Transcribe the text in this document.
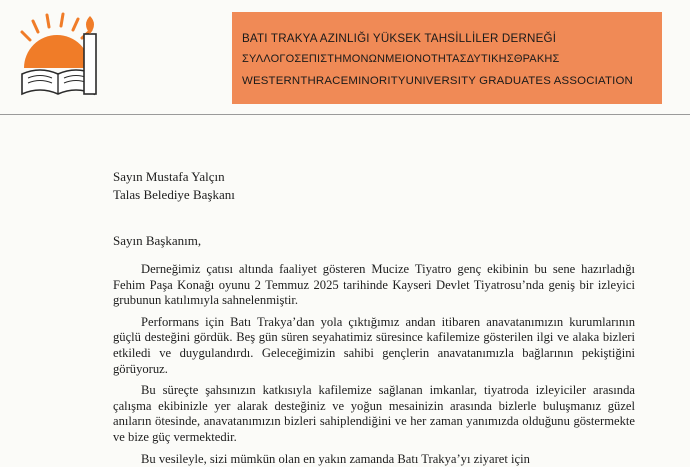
BATI TRAKYA AZINLIĞI YÜKSEK TAHSİLLİLER DERNEĞİ
ΣΥΛΛΟΓΟΣΕΠΙΣΤΗΜΟΝΩΝΜΕΙΟΝΟΤΗΤΑΣΔΥΤΙΚΗΣΘΡΑΚΗΣ
WESTERNTHRACEMINORITYUNIVERSITY GRADUATES ASSOCIATION
Sayın Mustafa Yalçın
Talas Belediye Başkanı
Sayın Başkanım,

Derneğimiz çatısı altında faaliyet gösteren Mucize Tiyatro genç ekibinin bu sene hazırladığı Fehim Paşa Konağı oyunu 2 Temmuz 2025 tarihinde Kayseri Devlet Tiyatrosu’nda geniş bir izleyici grubunun katılımıyla sahnelenmiştir.

Performans için Batı Trakya’dan yola çıktığımız andan itibaren anavatanımızın kurumlarının güçlü desteğini gördük. Beş gün süren seyahatimiz süresince kafilemize gösterilen ilgi ve alaka bizleri etkiledi ve duygulandırdı. Geleceğimizin sahibi gençlerin anavatanımızla bağlarının pekiştiğini görüyoruz.

Bu süreçte şahsınızın katkısıyla kafilemize sağlanan imkanlar, tiyatroda izleyiciler arasında çalışma ekibinizle yer alarak desteğiniz ve yoğun mesainizin arasında bizlerle buluşmanız güzel anıların ötesinde, anavatanımızın bizleri sahiplendiğini ve her zaman yanımızda olduğunu göstermekte ve bize güç vermektedir.

Bu vesileyle, sizi mümkün olan en yakın zamanda Batı Trakya’yı ziyaret için
